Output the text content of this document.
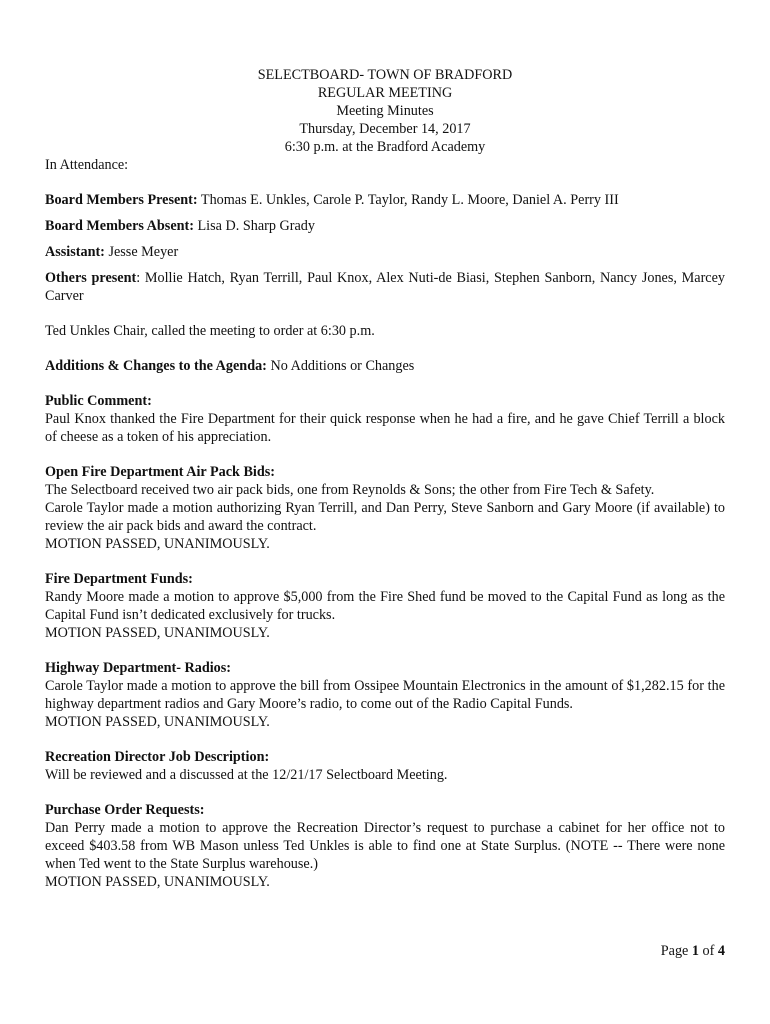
SELECTBOARD- TOWN OF BRADFORD
REGULAR MEETING
Meeting Minutes
Thursday, December 14, 2017
6:30 p.m. at the Bradford Academy

In Attendance:

Board Members Present: Thomas E. Unkles, Carole P. Taylor, Randy L. Moore, Daniel A. Perry III

Board Members Absent: Lisa D. Sharp Grady

Assistant: Jesse Meyer

Others present: Mollie Hatch, Ryan Terrill, Paul Knox, Alex Nuti-de Biasi, Stephen Sanborn, Nancy Jones, Marcey Carver

Ted Unkles Chair, called the meeting to order at 6:30 p.m.

Additions & Changes to the Agenda: No Additions or Changes

Public Comment:

Paul Knox thanked the Fire Department for their quick response when he had a fire, and he gave Chief Terrill a block of cheese as a token of his appreciation.

Open Fire Department Air Pack Bids:

The Selectboard received two air pack bids, one from Reynolds & Sons; the other from Fire Tech & Safety.

Carole Taylor made a motion authorizing Ryan Terrill, and Dan Perry, Steve Sanborn and Gary Moore (if available) to review the air pack bids and award the contract.

MOTION PASSED, UNANIMOUSLY.

Fire Department Funds:

Randy Moore made a motion to approve $5,000 from the Fire Shed fund be moved to the Capital Fund as long as the Capital Fund isn’t dedicated exclusively for trucks.

MOTION PASSED, UNANIMOUSLY.

Highway Department- Radios:

Carole Taylor made a motion to approve the bill from Ossipee Mountain Electronics in the amount of $1,282.15 for the highway department radios and Gary Moore’s radio, to come out of the Radio Capital Funds.

MOTION PASSED, UNANIMOUSLY.

Recreation Director Job Description:

Will be reviewed and a discussed at the 12/21/17 Selectboard Meeting.

Purchase Order Requests:

Dan Perry made a motion to approve the Recreation Director’s request to purchase a cabinet for her office not to exceed $403.58 from WB Mason unless Ted Unkles is able to find one at State Surplus. (NOTE -- There were none when Ted went to the State Surplus warehouse.)

MOTION PASSED, UNANIMOUSLY.

Page 1 of 4
